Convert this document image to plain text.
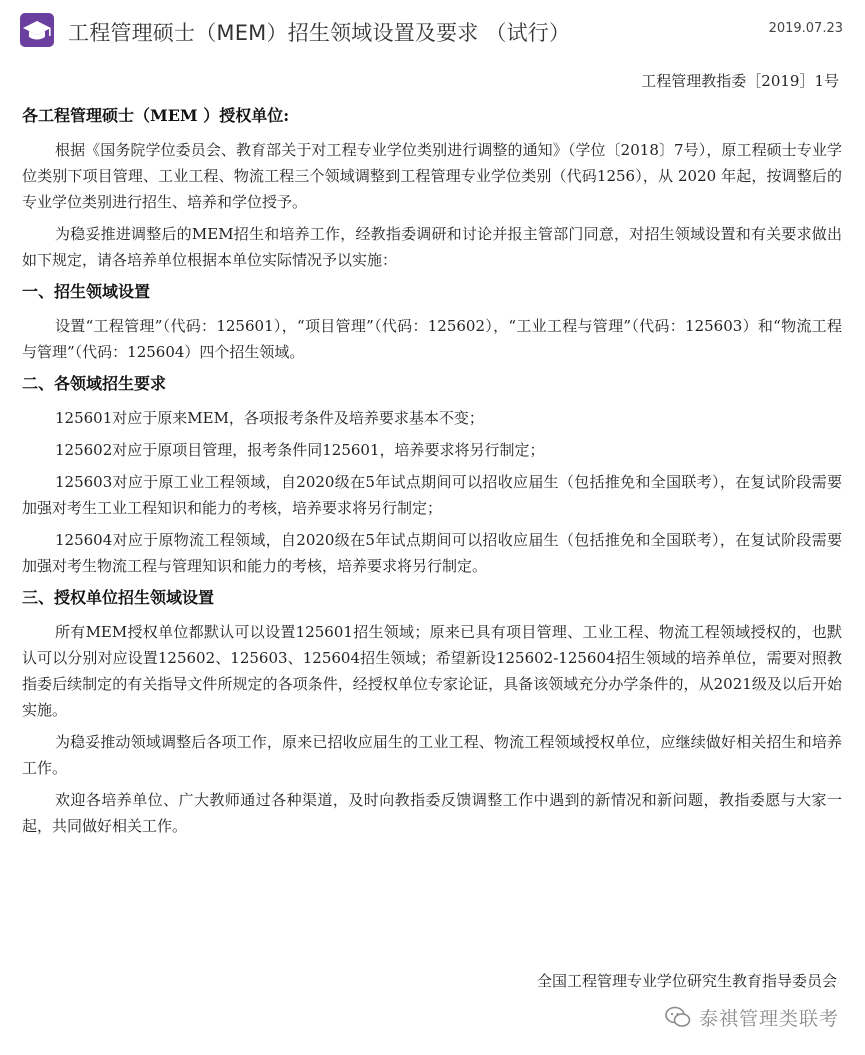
工程管理硕士（MEM）招生领域设置及要求 （试行）	2019.07.23
工程管理教指委［2019］1号
各工程管理硕士（MEM ）授权单位:

根据《国务院学位委员会、教育部关于对工程专业学位类别进行调整的通知》（学位〔2018〕7号），原工程硕士专业学位类别下项目管理、工业工程、物流工程三个领域调整到工程管理专业学位类别（代码1256），从 2020 年起，按调整后的专业学位类别进行招生、培养和学位授予。

为稳妥推进调整后的MEM招生和培养工作，经教指委调研和讨论并报主管部门同意，对招生领域设置和有关要求做出如下规定，请各培养单位根据本单位实际情况予以实施：

一、招生领域设置

设置“工程管理”（代码：125601），“项目管理”（代码：125602），“工业工程与管理”（代码：125603）和“物流工程与管理”（代码：125604）四个招生领域。

二、各领域招生要求

125601对应于原来MEM，各项报考条件及培养要求基本不变；

125602对应于原项目管理，报考条件同125601，培养要求将另行制定；

125603对应于原工业工程领域，自2020级在5年试点期间可以招收应届生（包括推免和全国联考），在复试阶段需要加强对考生工业工程知识和能力的考核，培养要求将另行制定；

125604对应于原物流工程领域，自2020级在5年试点期间可以招收应届生（包括推免和全国联考），在复试阶段需要加强对考生物流工程与管理知识和能力的考核，培养要求将另行制定。

三、授权单位招生领域设置

所有MEM授权单位都默认可以设置125601招生领域；原来已具有项目管理、工业工程、物流工程领域授权的，也默认可以分别对应设置125602、125603、125604招生领域；希望新设125602-125604招生领域的培养单位，需要对照教指委后续制定的有关指导文件所规定的各项条件，经授权单位专家论证，具备该领域充分办学条件的，从2021级及以后开始实施。

为稳妥推动领域调整后各项工作，原来已招收应届生的工业工程、物流工程领域授权单位，应继续做好相关招生和培养工作。

欢迎各培养单位、广大教师通过各种渠道，及时向教指委反馈调整工作中遇到的新情况和新问题，教指委愿与大家一起，共同做好相关工作。

全国工程管理专业学位研究生教育指导委员会
泰祺管理类联考
